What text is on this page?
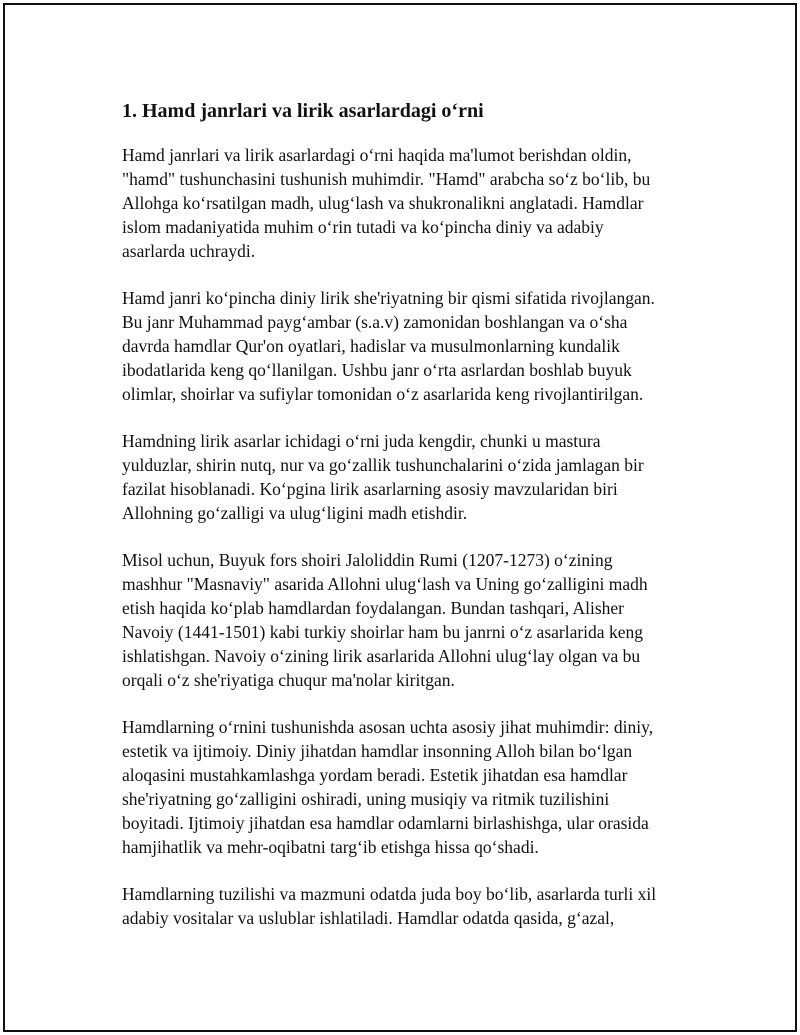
1. Hamd janrlari va lirik asarlardagi o‘rni

Hamd janrlari va lirik asarlardagi o‘rni haqida ma'lumot berishdan oldin,
"hamd" tushunchasini tushunish muhimdir. "Hamd" arabcha so‘z bo‘lib, bu
Allohga ko‘rsatilgan madh, ulug‘lash va shukronalikni anglatadi. Hamdlar
islom madaniyatida muhim o‘rin tutadi va ko‘pincha diniy va adabiy
asarlarda uchraydi.

Hamd janri ko‘pincha diniy lirik she'riyatning bir qismi sifatida rivojlangan.
Bu janr Muhammad payg‘ambar (s.a.v) zamonidan boshlangan va o‘sha
davrda hamdlar Qur'on oyatlari, hadislar va musulmonlarning kundalik
ibodatlarida keng qo‘llanilgan. Ushbu janr o‘rta asrlardan boshlab buyuk
olimlar, shoirlar va sufiylar tomonidan o‘z asarlarida keng rivojlantirilgan.

Hamdning lirik asarlar ichidagi o‘rni juda kengdir, chunki u mastura
yulduzlar, shirin nutq, nur va go‘zallik tushunchalarini o‘zida jamlagan bir
fazilat hisoblanadi. Ko‘pgina lirik asarlarning asosiy mavzularidan biri
Allohning go‘zalligi va ulug‘ligini madh etishdir.

Misol uchun, Buyuk fors shoiri Jaloliddin Rumi (1207-1273) o‘zining
mashhur "Masnaviy" asarida Allohni ulug‘lash va Uning go‘zalligini madh
etish haqida ko‘plab hamdlardan foydalangan. Bundan tashqari, Alisher
Navoiy (1441-1501) kabi turkiy shoirlar ham bu janrni o‘z asarlarida keng
ishlatishgan. Navoiy o‘zining lirik asarlarida Allohni ulug‘lay olgan va bu
orqali o‘z she'riyatiga chuqur ma'nolar kiritgan.

Hamdlarning o‘rnini tushunishda asosan uchta asosiy jihat muhimdir: diniy,
estetik va ijtimoiy. Diniy jihatdan hamdlar insonning Alloh bilan bo‘lgan
aloqasini mustahkamlashga yordam beradi. Estetik jihatdan esa hamdlar
she'riyatning go‘zalligini oshiradi, uning musiqiy va ritmik tuzilishini
boyitadi. Ijtimoiy jihatdan esa hamdlar odamlarni birlashishga, ular orasida
hamjihatlik va mehr-oqibatni targ‘ib etishga hissa qo‘shadi.

Hamdlarning tuzilishi va mazmuni odatda juda boy bo‘lib, asarlarda turli xil
adabiy vositalar va uslublar ishlatiladi. Hamdlar odatda qasida, g‘azal,
